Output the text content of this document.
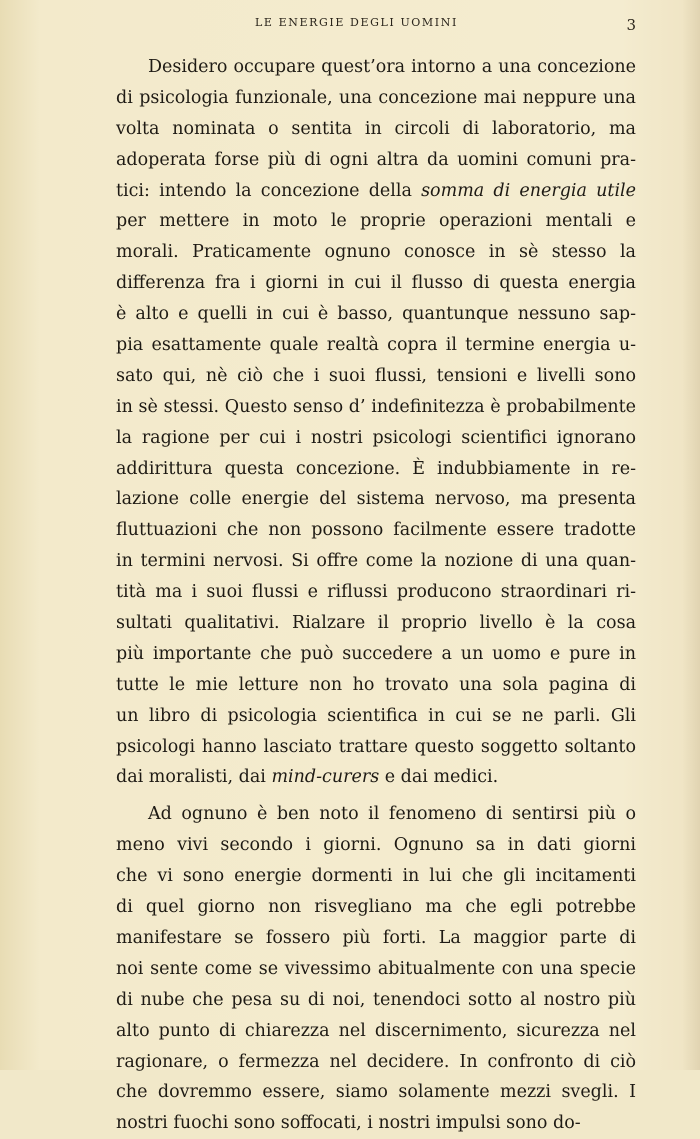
LE ENERGIE DEGLI UOMINI	3
Desidero occupare quest’ora intorno a una concezione
di psicologia funzionale, una concezione mai neppure una
volta nominata o sentita in circoli di laboratorio, ma
adoperata forse più di ogni altra da uomini comuni pra-
tici: intendo la concezione della somma di energia utile
per mettere in moto le proprie operazioni mentali e
morali. Praticamente ognuno conosce in sè stesso la
differenza fra i giorni in cui il flusso di questa energia
è alto e quelli in cui è basso, quantunque nessuno sap-
pia esattamente quale realtà copra il termine energia u-
sato qui, nè ciò che i suoi flussi, tensioni e livelli sono
in sè stessi. Questo senso d’ indefinitezza è probabilmente
la ragione per cui i nostri psicologi scientifici ignorano
addirittura questa concezione. È indubbiamente in re-
lazione colle energie del sistema nervoso, ma presenta
fluttuazioni che non possono facilmente essere tradotte
in termini nervosi. Si offre come la nozione di una quan-
tità ma i suoi flussi e riflussi producono straordinari ri-
sultati qualitativi. Rialzare il proprio livello è la cosa
più importante che può succedere a un uomo e pure in
tutte le mie letture non ho trovato una sola pagina di
un libro di psicologia scientifica in cui se ne parli. Gli
psicologi hanno lasciato trattare questo soggetto soltanto
dai moralisti, dai mind-curers e dai medici.
Ad ognuno è ben noto il fenomeno di sentirsi più o
meno vivi secondo i giorni. Ognuno sa in dati giorni
che vi sono energie dormenti in lui che gli incitamenti
di quel giorno non risvegliano ma che egli potrebbe
manifestare se fossero più forti. La maggior parte di
noi sente come se vivessimo abitualmente con una specie
di nube che pesa su di noi, tenendoci sotto al nostro più
alto punto di chiarezza nel discernimento, sicurezza nel
ragionare, o fermezza nel decidere. In confronto di ciò
che dovremmo essere, siamo solamente mezzi svegli. I
nostri fuochi sono soffocati, i nostri impulsi sono do-
